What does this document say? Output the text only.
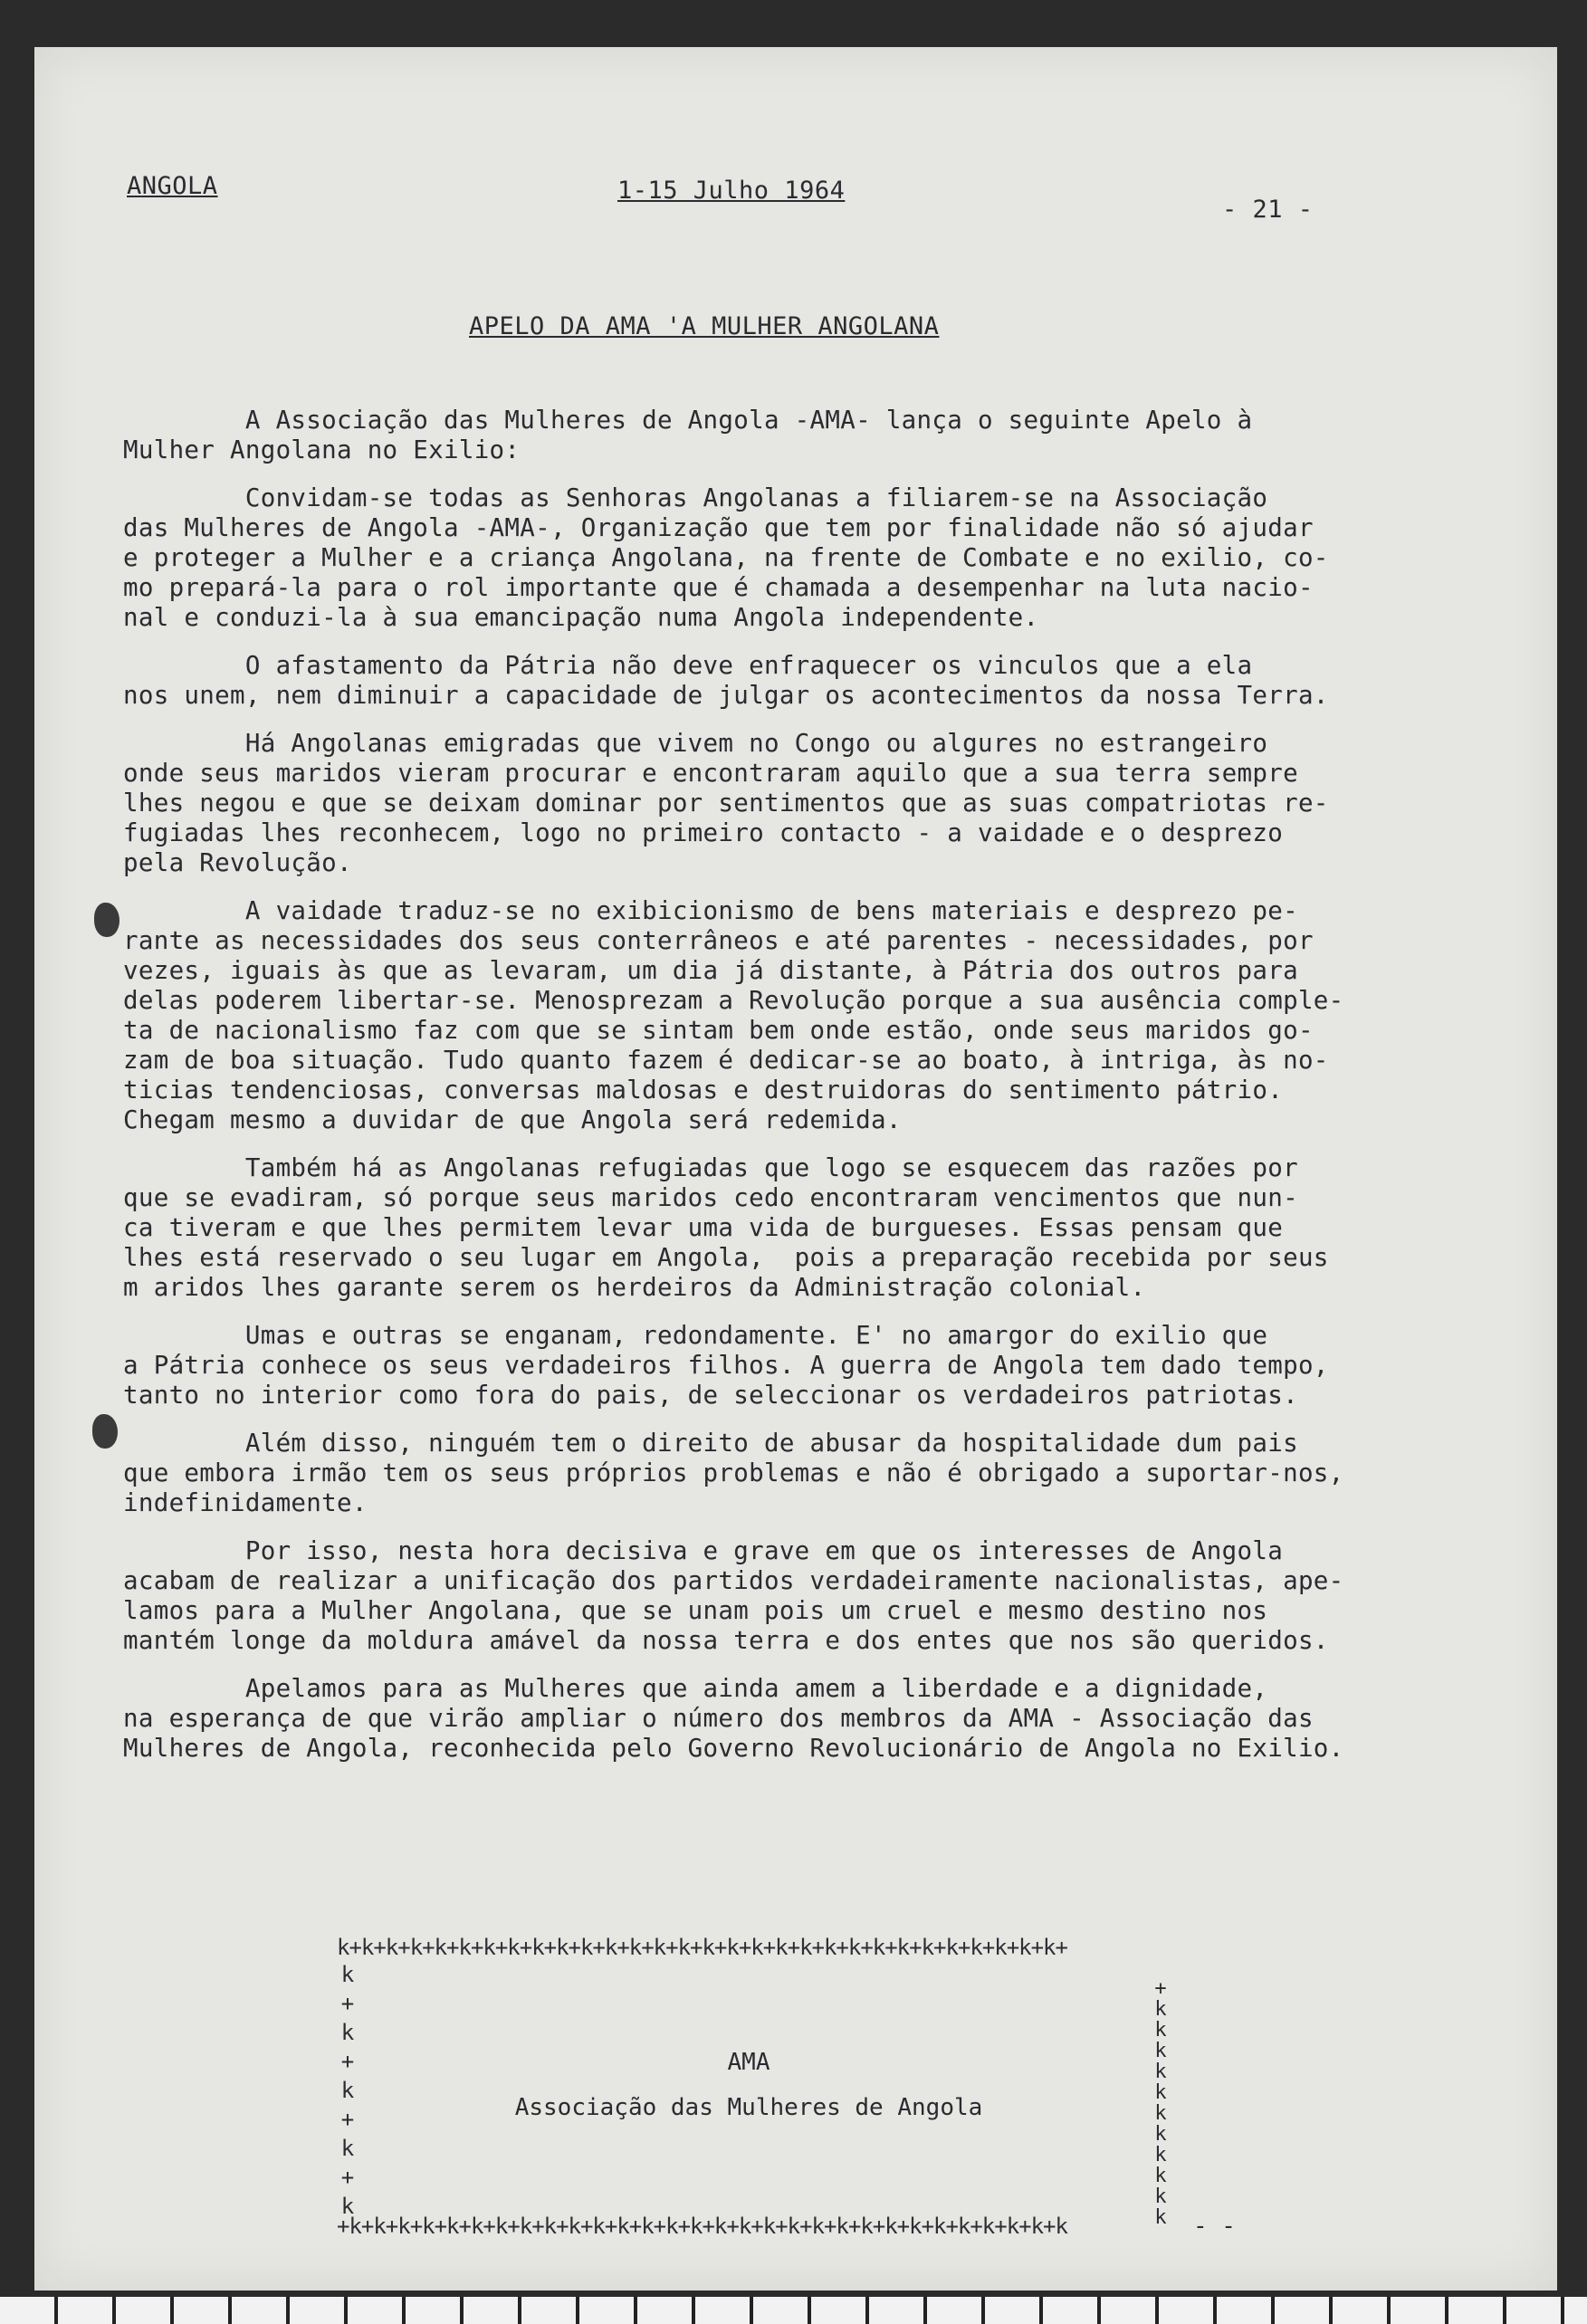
ANGOLA	1-15 Julho 1964
- 21 -
APELO DA AMA 'A MULHER ANGOLANA
A Associação das Mulheres de Angola -AMA- lança o seguinte Apelo à
Mulher Angolana no Exilio:
Convidam-se todas as Senhoras Angolanas a filiarem-se na Associação
das Mulheres de Angola -AMA-, Organização que tem por finalidade não só ajudar
e proteger a Mulher e a criança Angolana, na frente de Combate e no exilio, co-
mo prepará-la para o rol importante que é chamada a desempenhar na luta nacio-
nal e conduzi-la à sua emancipação numa Angola independente.
O afastamento da Pátria não deve enfraquecer os vinculos que a ela
nos unem, nem diminuir a capacidade de julgar os acontecimentos da nossa Terra.
Há Angolanas emigradas que vivem no Congo ou algures no estrangeiro
onde seus maridos vieram procurar e encontraram aquilo que a sua terra sempre
lhes negou e que se deixam dominar por sentimentos que as suas compatriotas re-
fugiadas lhes reconhecem, logo no primeiro contacto - a vaidade e o desprezo
pela Revolução.
A vaidade traduz-se no exibicionismo de bens materiais e desprezo pe-
rante as necessidades dos seus conterrâneos e até parentes - necessidades, por
vezes, iguais às que as levaram, um dia já distante, à Pátria dos outros para
delas poderem libertar-se. Menosprezam a Revolução porque a sua ausência comple-
ta de nacionalismo faz com que se sintam bem onde estão, onde seus maridos go-
zam de boa situação. Tudo quanto fazem é dedicar-se ao boato, à intriga, às no-
ticias tendenciosas, conversas maldosas e destruidoras do sentimento pátrio.
Chegam mesmo a duvidar de que Angola será redemida.
Também há as Angolanas refugiadas que logo se esquecem das razões por
que se evadiram, só porque seus maridos cedo encontraram vencimentos que nun-
ca tiveram e que lhes permitem levar uma vida de burgueses. Essas pensam que
lhes está reservado o seu lugar em Angola,  pois a preparação recebida por seus
m aridos lhes garante serem os herdeiros da Administração colonial.
Umas e outras se enganam, redondamente. E' no amargor do exilio que
a Pátria conhece os seus verdadeiros filhos. A guerra de Angola tem dado tempo,
tanto no interior como fora do pais, de seleccionar os verdadeiros patriotas.
Além disso, ninguém tem o direito de abusar da hospitalidade dum pais
que embora irmão tem os seus próprios problemas e não é obrigado a suportar-nos,
indefinidamente.
Por isso, nesta hora decisiva e grave em que os interesses de Angola
acabam de realizar a unificação dos partidos verdadeiramente nacionalistas, ape-
lamos para a Mulher Angolana, que se unam pois um cruel e mesmo destino nos
mantém longe da moldura amável da nossa terra e dos entes que nos são queridos.
Apelamos para as Mulheres que ainda amem a liberdade e a dignidade,
na esperança de que virão ampliar o número dos membros da AMA - Associação das
Mulheres de Angola, reconhecida pelo Governo Revolucionário de Angola no Exilio.
k+k+k+k+k+k+k+k+k+k+k+k+k+k+k+k+k+k+k+k+k+k+k+k+k+k+k+k+k+k+
k
+
k
+
k
+
k
+
k
+
k
k
k
k
k
k
k
k
k
k
k
AMA
Associação das Mulheres de Angola
+k+k+k+k+k+k+k+k+k+k+k+k+k+k+k+k+k+k+k+k+k+k+k+k+k+k+k+k+k+k	- -
